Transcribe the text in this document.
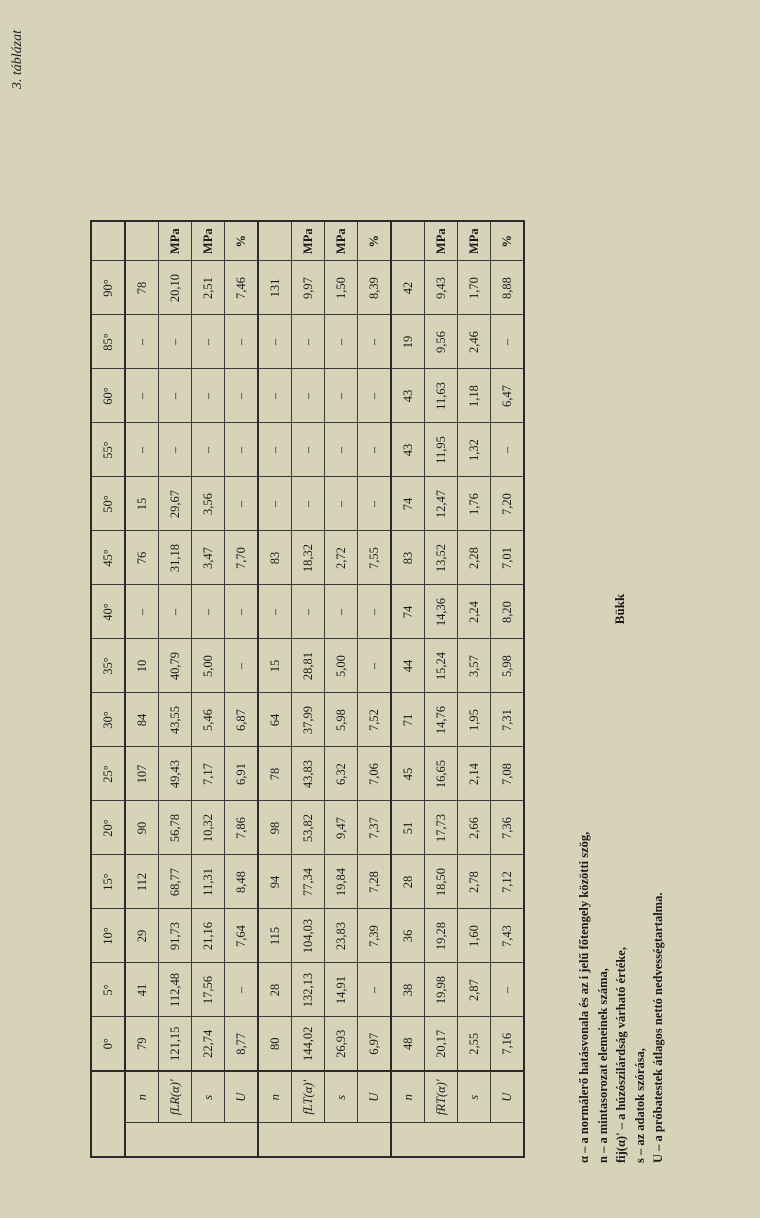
3. táblázat
		0°	5°	10°	15°	20°	25°	30°	35°	40°	45°	50°	55°	60°	85°	90°	
	n	79	41	29	112	90	107	84	10	–	76	15	–	–	–	78	
	fLR(α)'	121,15	112,48	91,73	68,77	56,78	49,43	43,55	40,79	–	31,18	29,67	–	–	–	20,10	MPa
	s	22,74	17,56	21,16	11,31	10,32	7,17	5,46	5,00	–	3,47	3,56	–	–	–	2,51	MPa
	U	8,77	–	7,64	8,48	7,86	6,91	6,87	–	–	7,70	–	–	–	–	7,46	%
	n	80	28	115	94	98	78	64	15	–	83	–	–	–	–	131	
	fLT(α)'	144,02	132,13	104,03	77,34	53,82	43,83	37,99	28,81	–	18,32	–	–	–	–	9,97	MPa
	s	26,93	14,91	23,83	19,84	9,47	6,32	5,98	5,00	–	2,72	–	–	–	–	1,50	MPa
	U	6,97	–	7,39	7,28	7,37	7,06	7,52	–	–	7,55	–	–	–	–	8,39	%
	n	48	38	36	28	51	45	71	44	74	83	74	43	43	19	42	
	fRT(α)'	20,17	19,98	19,28	18,50	17,73	16,65	14,76	15,24	14,36	13,52	12,47	11,95	11,63	9,56	9,43	MPa
	s	2,55	2,87	1,60	2,78	2,66	2,14	1,95	3,57	2,24	2,28	1,76	1,32	1,18	2,46	1,70	MPa
	U	7,16	–	7,43	7,12	7,36	7,08	7,31	5,98	8,20	7,01	7,20	–	6,47	–	8,88	%
Bükk
α – a normálerő hatásvonala és az i jelű főtengely közötti szög, n – a mintasorozat elemeinek száma, fij(α)' – a húzószilárdság várható értéke, s – az adatok szórása, U – a próbatestek átlagos nettó nedvességtartalma.
